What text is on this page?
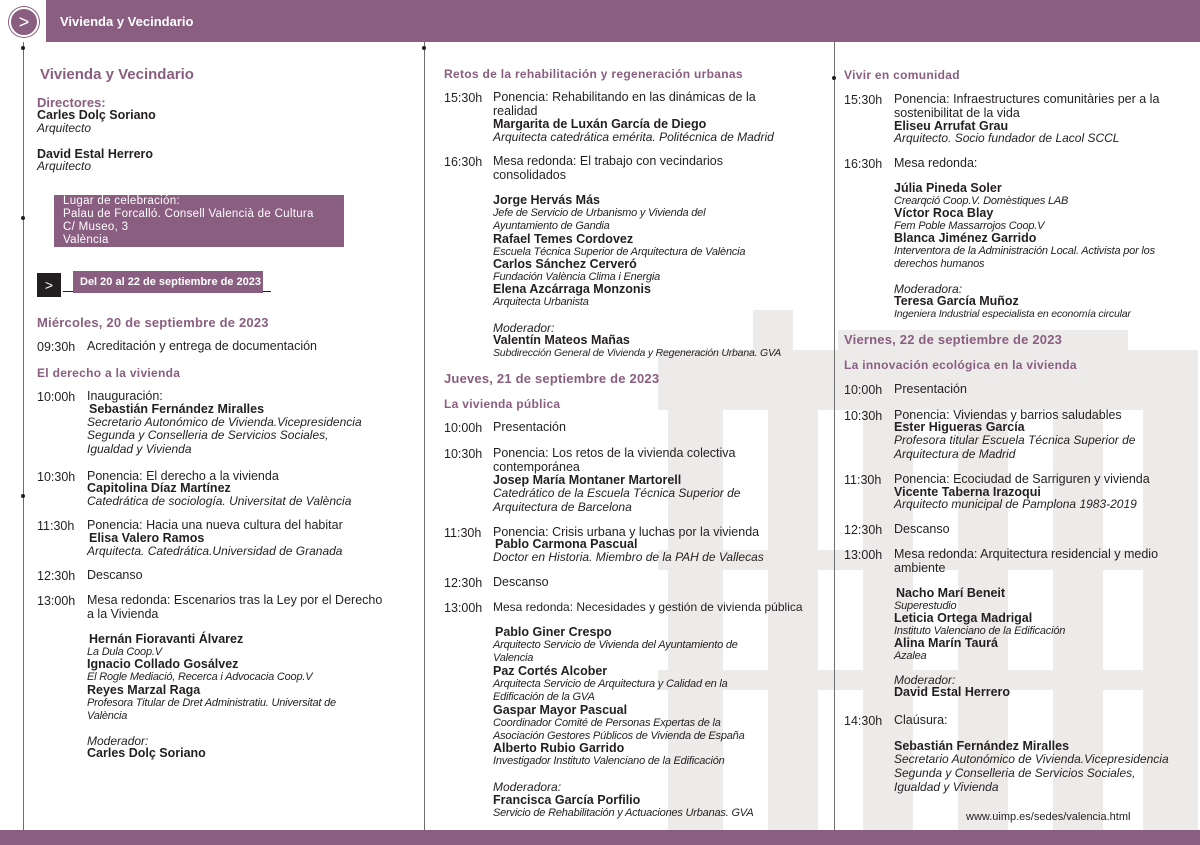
>	Vivienda y Vecindario
Vivienda y Vecindario
Directores:
Carles Dolç Soriano
Arquitecto
David Estal Herrero
Arquitecto
Lugar de celebración:
Palau de Forcalló. Consell Valencià de Cultura
C/ Museo, 3
València
>	Del 20 al 22 de septiembre de 2023
Miércoles, 20 de septiembre de 2023
09:30h Acreditación y entrega de documentación
El derecho a la vivienda
10:00h Inauguración:
Sebastián Fernández Miralles
Secretario Autonómico de Vivienda.Vicepresidencia
Segunda y Conselleria de Servicios Sociales,
Igualdad y Vivienda
10:30h Ponencia: El derecho a la vivienda
Capitolina Díaz Martínez
Catedrática de sociología. Universitat de València
11:30h Ponencia: Hacia una nueva cultura del habitar
Elisa Valero Ramos
Arquitecta. Catedrática.Universidad de Granada
12:30h Descanso
13:00h Mesa redonda: Escenarios tras la Ley por el Derecho
a la Vivienda
Hernán Fioravanti Álvarez
La Dula Coop.V
Ignacio Collado Gosálvez
El Rogle Mediació, Recerca i Advocacia Coop.V
Reyes Marzal Raga
Profesora Titular de Dret Administratiu. Universitat de
València
Moderador:
Carles Dolç Soriano
Retos de la rehabilitación y regeneración urbanas
15:30h Ponencia: Rehabilitando en las dinámicas de la
realidad
Margarita de Luxán García de Diego
Arquitecta catedrática emérita. Politécnica de Madrid
16:30h Mesa redonda: El trabajo con vecindarios
consolidados
Jorge Hervás Más
Jefe de Servicio de Urbanismo y Vivienda del
Ayuntamiento de Gandia
Rafael Temes Cordovez
Escuela Técnica Superior de Arquitectura de València
Carlos Sánchez Cerveró
Fundación València Clima i Energia
Elena Azcárraga Monzonis
Arquitecta Urbanista
Moderador:
Valentín Mateos Mañas
Subdirección General de Vivienda y Regeneración Urbana. GVA
Jueves, 21 de septiembre de 2023
La vivienda pública
10:00h Presentación
10:30h Ponencia: Los retos de la vivienda colectiva
contemporánea
Josep María Montaner Martorell
Catedrático de la Escuela Técnica Superior de
Arquitectura de Barcelona
11:30h Ponencia: Crisis urbana y luchas por la vivienda
Pablo Carmona Pascual
Doctor en Historia. Miembro de la PAH de Vallecas
12:30h Descanso
13:00h Mesa redonda: Necesidades y gestión de vivienda pública
Pablo Giner Crespo
Arquitecto Servicio de Vivienda del Ayuntamiento de
Valencia
Paz Cortés Alcober
Arquitecta Servicio de Arquitectura y Calidad en la
Edificación de la GVA
Gaspar Mayor Pascual
Coordinador Comité de Personas Expertas de la
Asociación Gestores Públicos de Vivienda de España
Alberto Rubio Garrido
Investigador Instituto Valenciano de la Edificación
Moderadora:
Francisca García Porfilio
Servicio de Rehabilitación y Actuaciones Urbanas. GVA
Vivir en comunidad
15:30h Ponencia: Infraestructures comunitàries per a la
sostenibilitat de la vida
Eliseu Arrufat Grau
Arquitecto. Socio fundador de Lacol SCCL
16:30h Mesa redonda:
Júlia Pineda Soler
Crearqció Coop.V. Domèstiques LAB
Víctor Roca Blay
Fem Poble Massarrojos Coop.V
Blanca Jiménez Garrido
Interventora de la Administración Local. Activista por los
derechos humanos
Moderadora:
Teresa García Muñoz
Ingeniera Industrial especialista en economía circular
Viernes, 22 de septiembre de 2023
La innovación ecológica en la vivienda
10:00h Presentación
10:30h Ponencia: Viviendas y barrios saludables
Ester Higueras García
Profesora titular Escuela Técnica Superior de
Arquitectura de Madrid
11:30h Ponencia: Ecociudad de Sarriguren y vivienda
Vicente Taberna Irazoqui
Arquitecto municipal de Pamplona 1983-2019
12:30h Descanso
13:00h Mesa redonda: Arquitectura residencial y medio
ambiente
Nacho Marí Beneit
Superestudio
Leticia Ortega Madrigal
Instituto Valenciano de la Edificación
Alina Marín Taurá
Azalea
Moderador:
David Estal Herrero
14:30h Claúsura:
Sebastián Fernández Miralles
Secretario Autonómico de Vivienda.Vicepresidencia
Segunda y Conselleria de Servicios Sociales,
Igualdad y Vivienda
www.uimp.es/sedes/valencia.html
